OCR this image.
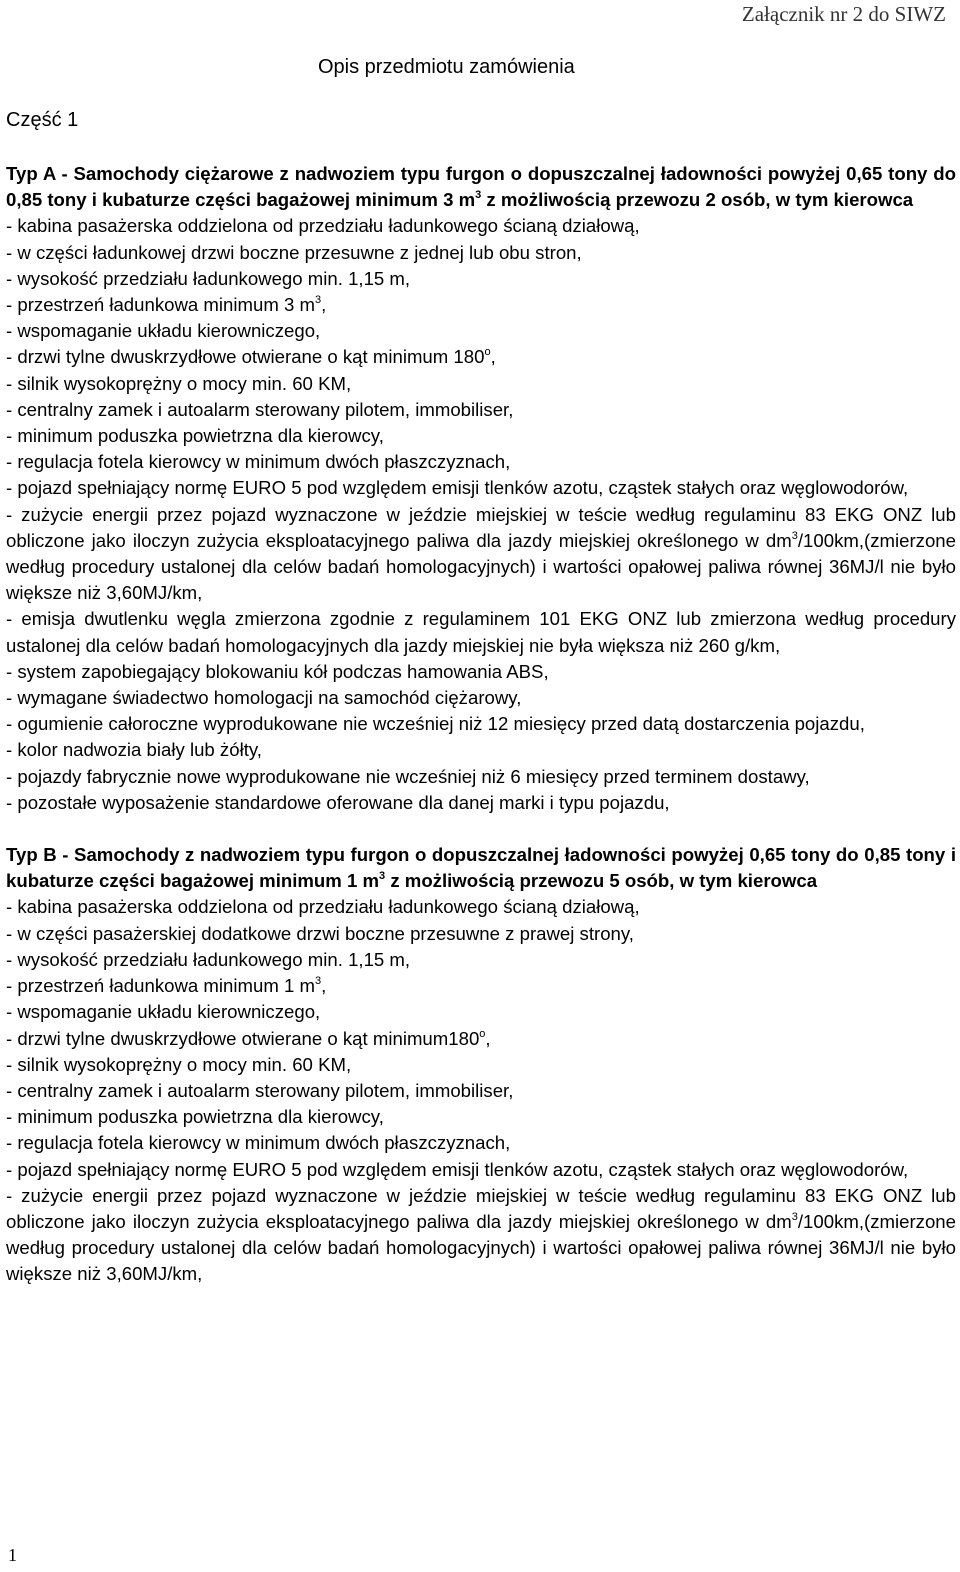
Załącznik nr 2 do SIWZ
Opis przedmiotu zamówienia
Część 1
Typ A - Samochody ciężarowe z nadwoziem typu furgon o dopuszczalnej ładowności powyżej 0,65 tony do 0,85 tony i kubaturze części bagażowej minimum 3 $m^3$ z możliwością przewozu 2 osób, w tym kierowca
- kabina pasażerska oddzielona od przedziału ładunkowego ścianą działową,
- w części ładunkowej drzwi boczne przesuwne z jednej lub obu stron,
- wysokość przedziału ładunkowego min. 1,15 m,
- przestrzeń ładunkowa minimum 3 $m^3$,
- wspomaganie układu kierowniczego,
- drzwi tylne dwuskrzydłowe otwierane o kąt minimum 180$^o$,
- silnik wysokoprężny o mocy min. 60 KM,
- centralny zamek i autoalarm sterowany pilotem, immobiliser,
- minimum poduszka powietrzna dla kierowcy,
- regulacja fotela kierowcy w minimum dwóch płaszczyznach,
- pojazd spełniający normę EURO 5 pod względem emisji tlenków azotu, cząstek stałych oraz węglowodorów,
- zużycie energii przez pojazd wyznaczone w jeździe miejskiej w teście według regulaminu 83 EKG ONZ lub obliczone jako iloczyn zużycia eksploatacyjnego paliwa dla jazdy miejskiej określonego w $dm^3/100km,(zmierzone$ według procedury ustalonej dla celów badań homologacyjnych) i wartości opałowej paliwa równej 36MJ/l nie było większe niż 3,60MJ/km,
- emisja dwutlenku węgla zmierzona zgodnie z regulaminem 101 EKG ONZ lub zmierzona według procedury ustalonej dla celów badań homologacyjnych dla jazdy miejskiej nie była większa niż 260 g/km,
- system zapobiegający blokowaniu kół podczas hamowania ABS,
- wymagane świadectwo homologacji na samochód ciężarowy,
- ogumienie całoroczne wyprodukowane nie wcześniej niż 12 miesięcy przed datą dostarczenia pojazdu,
- kolor nadwozia biały lub żółty,
- pojazdy fabrycznie nowe wyprodukowane nie wcześniej niż 6 miesięcy przed terminem dostawy,
- pozostałe wyposażenie standardowe oferowane dla danej marki i typu pojazdu,
Typ B - Samochody z nadwoziem typu furgon o dopuszczalnej ładowności powyżej 0,65 tony do 0,85 tony i kubaturze części bagażowej minimum 1 $m^3$ z możliwością przewozu 5 osób, w tym kierowca
- kabina pasażerska oddzielona od przedziału ładunkowego ścianą działową,
- w części pasażerskiej dodatkowe drzwi boczne przesuwne z prawej strony,
- wysokość przedziału ładunkowego min. 1,15 m,
- przestrzeń ładunkowa minimum 1 $m^3$,
- wspomaganie układu kierowniczego,
- drzwi tylne dwuskrzydłowe otwierane o kąt minimum180$^o$,
- silnik wysokoprężny o mocy min. 60 KM,
- centralny zamek i autoalarm sterowany pilotem, immobiliser,
- minimum poduszka powietrzna dla kierowcy,
- regulacja fotela kierowcy w minimum dwóch płaszczyznach,
- pojazd spełniający normę EURO 5 pod względem emisji tlenków azotu, cząstek stałych oraz węglowodorów,
- zużycie energii przez pojazd wyznaczone w jeździe miejskiej w teście według regulaminu 83 EKG ONZ lub obliczone jako iloczyn zużycia eksploatacyjnego paliwa dla jazdy miejskiej określonego w $dm^3/100km,(zmierzone$ według procedury ustalonej dla celów badań homologacyjnych) i wartości opałowej paliwa równej 36MJ/l nie było większe niż 3,60MJ/km,
1
